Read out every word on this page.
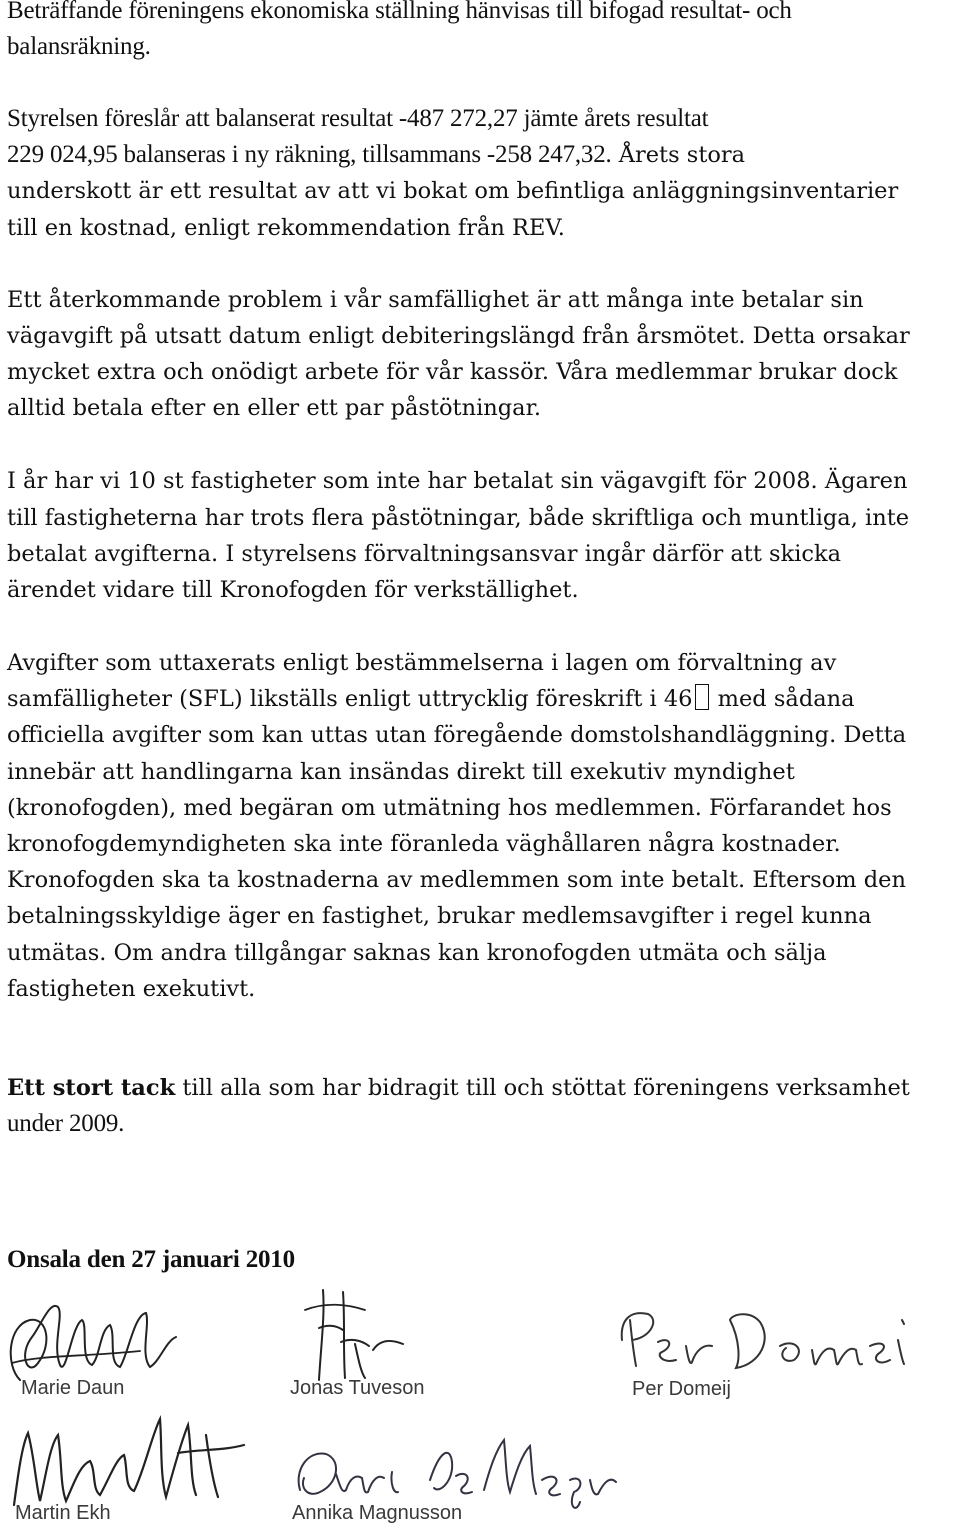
Beträffande föreningens ekonomiska ställning hänvisas till bifogad resultat- och
balansräkning.
Styrelsen föreslår att balanserat resultat -487 272,27 jämte årets resultat
229 024,95 balanseras i ny räkning, tillsammans -258 247,32. Årets stora
underskott är ett resultat av att vi bokat om befintliga anläggningsinventarier
till en kostnad, enligt rekommendation från REV.
Ett återkommande problem i vår samfällighet är att många inte betalar sin
vägavgift på utsatt datum enligt debiteringslängd från årsmötet. Detta orsakar
mycket extra och onödigt arbete för vår kassör. Våra medlemmar brukar dock
alltid betala efter en eller ett par påstötningar.
I år har vi 10 st fastigheter som inte har betalat sin vägavgift för 2008. Ägaren
till fastigheterna har trots flera påstötningar, både skriftliga och muntliga, inte
betalat avgifterna. I styrelsens förvaltningsansvar ingår därför att skicka
ärendet vidare till Kronofogden för verkställighet.
Avgifter som uttaxerats enligt bestämmelserna i lagen om förvaltning av
samfälligheter (SFL) likställs enligt uttrycklig föreskrift i 46 med sådana
officiella avgifter som kan uttas utan föregående domstolshandläggning. Detta
innebär att handlingarna kan insändas direkt till exekutiv myndighet
(kronofogden), med begäran om utmätning hos medlemmen. Förfarandet hos
kronofogdemyndigheten ska inte föranleda väghållaren några kostnader.
Kronofogden ska ta kostnaderna av medlemmen som inte betalt. Eftersom den
betalningsskyldige äger en fastighet, brukar medlemsavgifter i regel kunna
utmätas. Om andra tillgångar saknas kan kronofogden utmäta och sälja
fastigheten exekutivt.
Ett stort tack till alla som har bidragit till och stöttat föreningens verksamhet
under 2009.
Onsala den 27 januari 2010
Marie Daun	Jonas Tuveson	Per Domeij
Martin Ekh	Annika Magnusson
